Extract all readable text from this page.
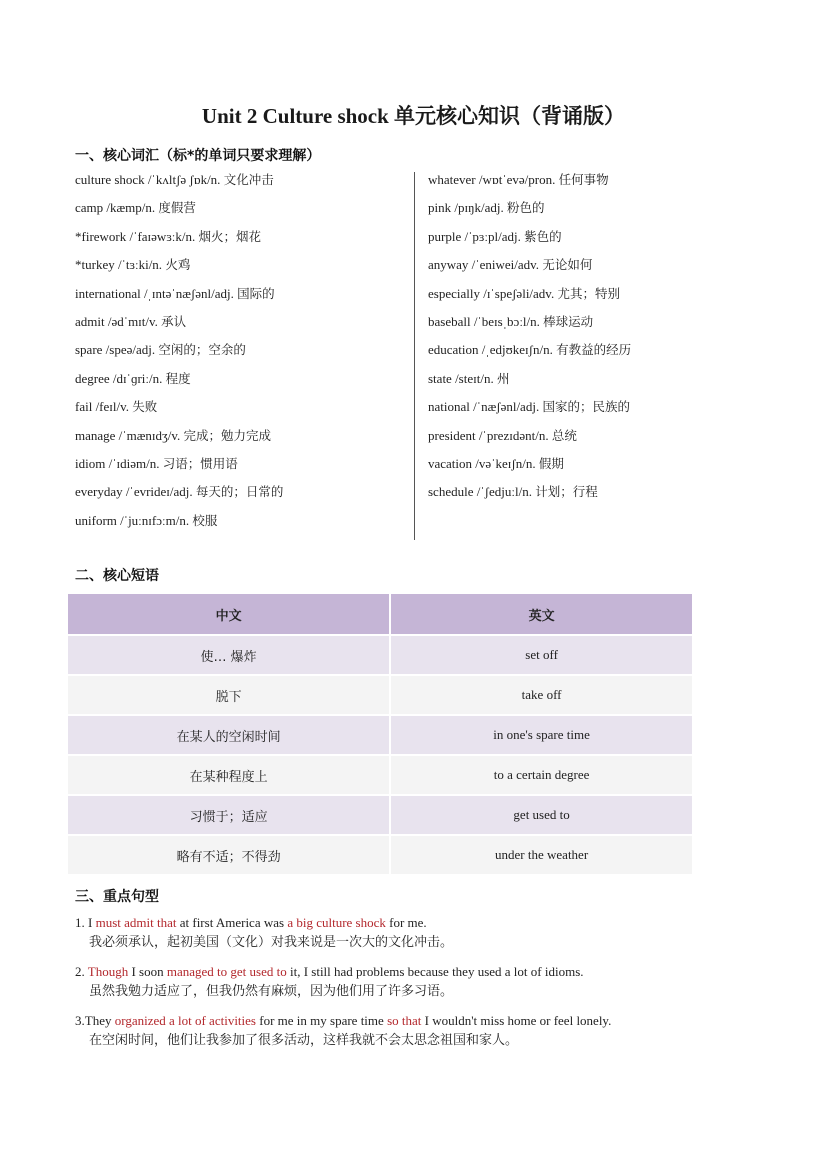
Unit 2 Culture shock 单元核心知识（背诵版）
一、核心词汇（标*的单词只要求理解）
culture shock /ˈkʌltʃə ʃɒk/n. 文化冲击
camp /kæmp/n. 度假营
*firework /ˈfaɪəwɜːk/n. 烟火；烟花
*turkey /ˈtɜːki/n. 火鸡
international /ˌɪntəˈnæʃənl/adj. 国际的
admit /ədˈmɪt/v. 承认
spare /speə/adj. 空闲的；空余的
degree /dɪˈɡriː/n. 程度
fail /feɪl/v. 失败
manage /ˈmænɪdʒ/v. 完成；勉力完成
idiom /ˈɪdiəm/n. 习语；惯用语
everyday /ˈevrideɪ/adj. 每天的；日常的
uniform /ˈjuːnɪfɔːm/n. 校服
whatever /wɒtˈevə/pron. 任何事物
pink /pɪŋk/adj. 粉色的
purple /ˈpɜːpl/adj. 紫色的
anyway /ˈeniwei/adv. 无论如何
especially /ɪˈspeʃəli/adv. 尤其；特别
baseball /ˈbeɪsˌbɔːl/n. 棒球运动
education /ˌedjʊkeɪʃn/n. 有教益的经历
state /steɪt/n. 州
national /ˈnæʃənl/adj. 国家的；民族的
president /ˈprezɪdənt/n. 总统
vacation /vəˈkeɪʃn/n. 假期
schedule /ˈʃedjuːl/n. 计划；行程
二、核心短语
中文	英文
使… 爆炸	set off
脱下	take off
在某人的空闲时间	in one's spare time
在某种程度上	to a certain degree
习惯于；适应	get used to
略有不适；不得劲	under the weather
三、重点句型
1. I must admit that at first America was a big culture shock for me.
我必须承认，起初美国（文化）对我来说是一次大的文化冲击。
2. Though I soon managed to get used to it, I still had problems because they used a lot of idioms.
虽然我勉力适应了，但我仍然有麻烦，因为他们用了许多习语。
3.They organized a lot of activities for me in my spare time so that I wouldn't miss home or feel lonely.
在空闲时间，他们让我参加了很多活动，这样我就不会太思念祖国和家人。
